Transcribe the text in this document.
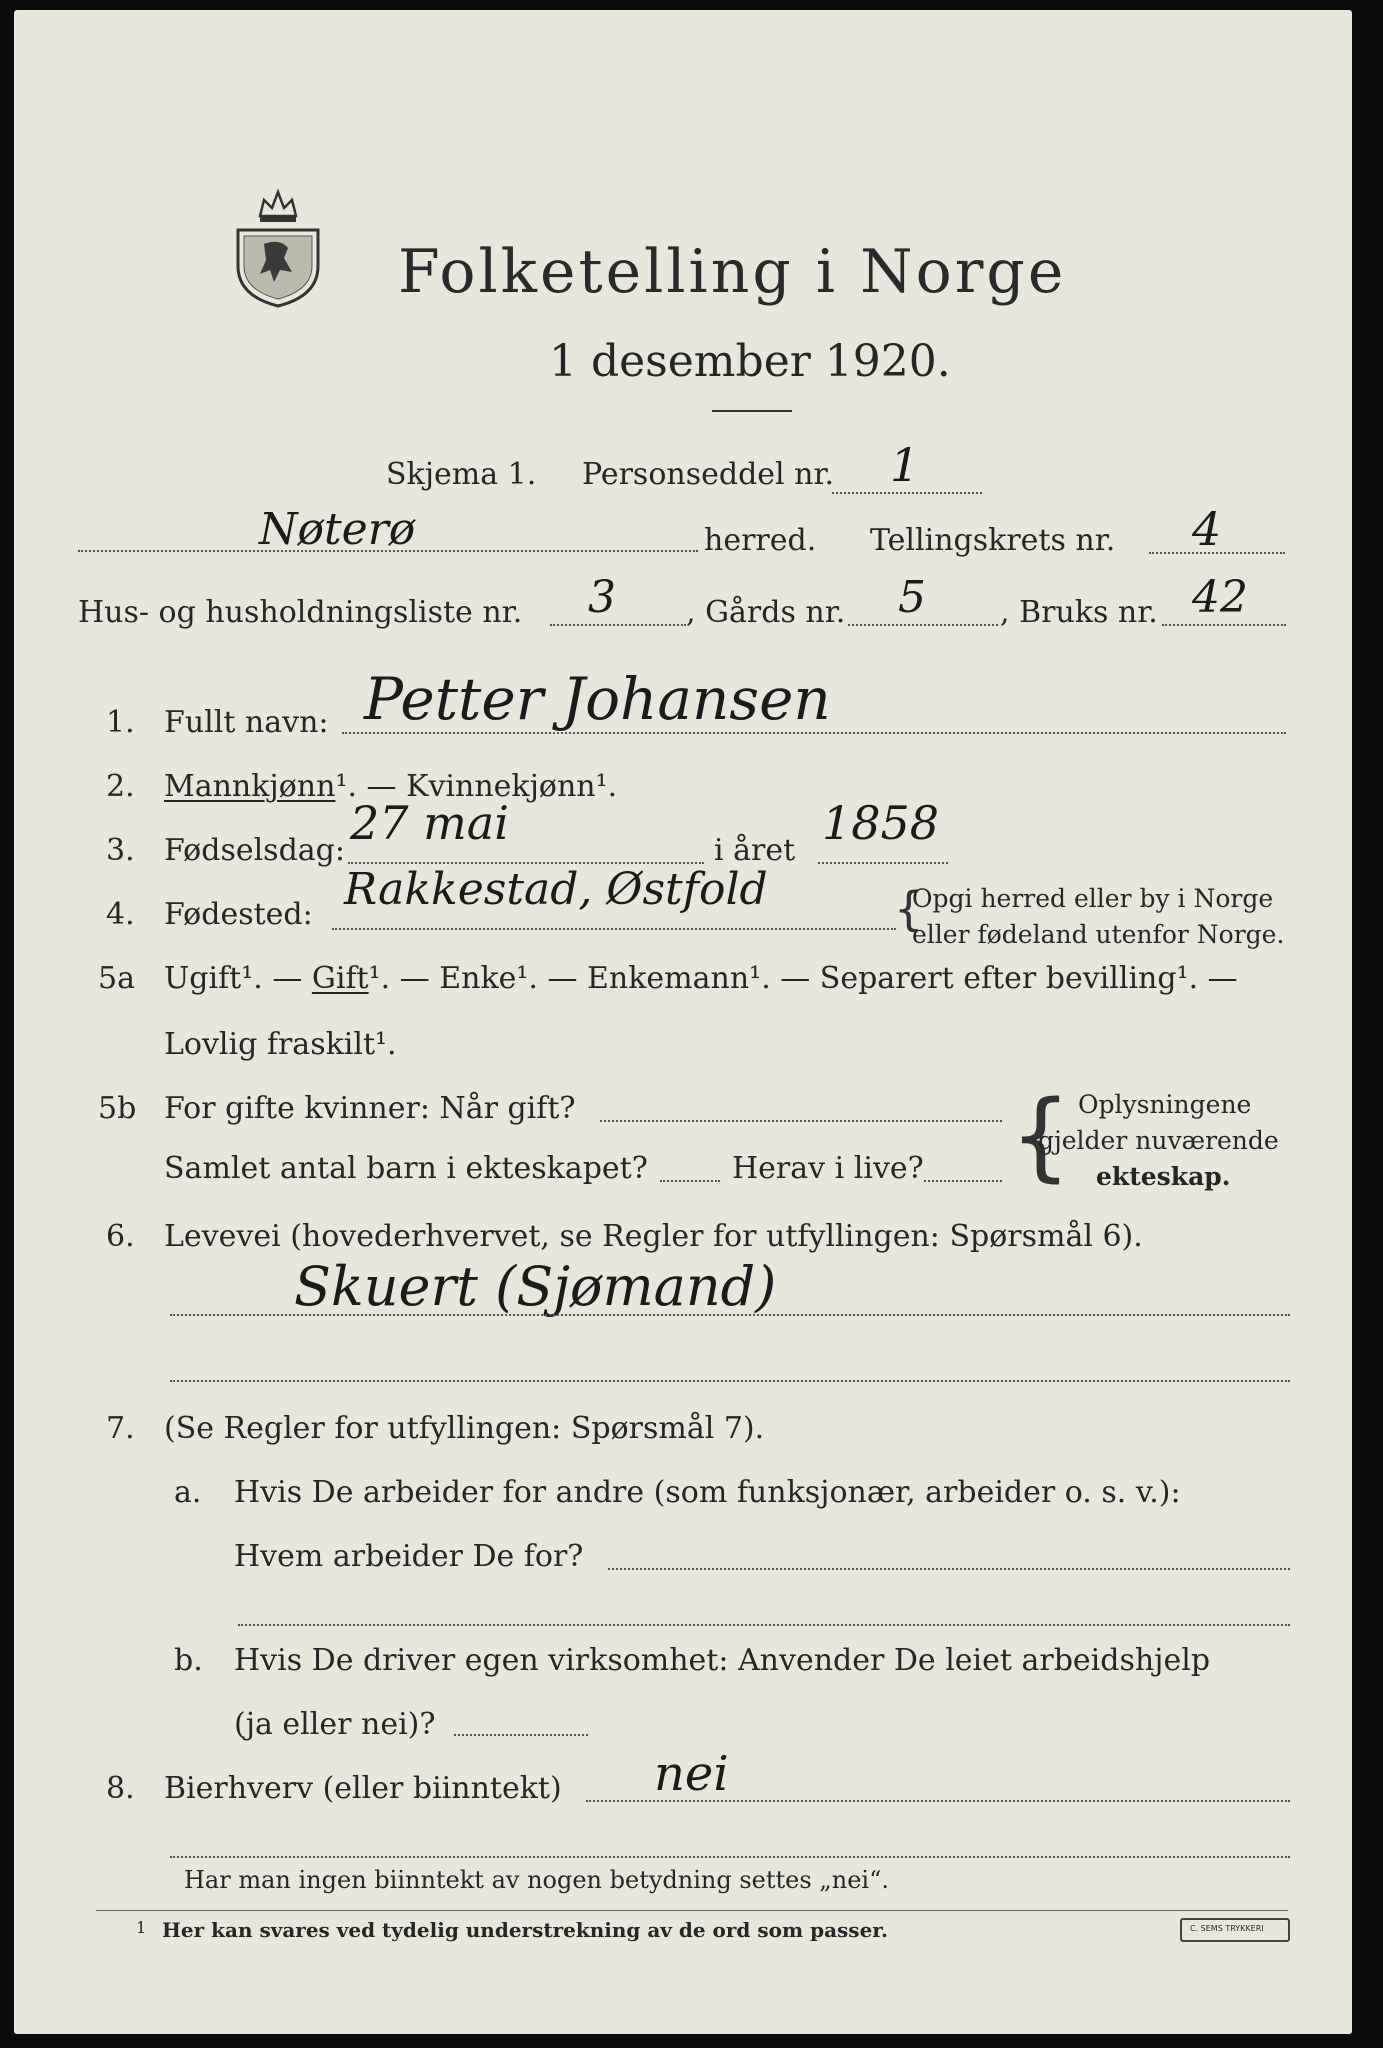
Folketelling i Norge
1 desember 1920.
Skjema 1. Personseddel nr. 1
Nøterø	herred. Tellingskrets nr. 4
Hus- og husholdningsliste nr. 3 , Gårds nr. 5 , Bruks nr. 42
1. Fullt navn: Petter Johansen
2. Mannkjønn¹. — Kvinnekjønn¹.
3. Fødselsdag:
27 mai
i året
1858
4. Fødested: Rakkestad, Østfold	{
Opgi herred eller by i Norge
eller fødeland utenfor Norge.
5a Ugift¹. — Gift¹. — Enke¹. — Enkemann¹. — Separert efter bevilling¹. —
Lovlig fraskilt¹.
5b For gifte kvinner: Når gift?
Samlet antal barn i ekteskapet?	Herav i live? { Oplysningene
gjelder nuværende
ekteskap.
6. Levevei (hovederhvervet, se Regler for utfyllingen: Spørsmål 6).
Skuert (Sjømand)
7. (Se Regler for utfyllingen: Spørsmål 7).
a. Hvis De arbeider for andre (som funksjonær, arbeider o. s. v.):
Hvem arbeider De for?
b. Hvis De driver egen virksomhet: Anvender De leiet arbeidshjelp
(ja eller nei)?
8. Bierhverv (eller biinntekt) nei
Har man ingen biinntekt av nogen betydning settes „nei“.
1 Her kan svares ved tydelig understrekning av de ord som passer.	C. SEMS TRYKKERI
